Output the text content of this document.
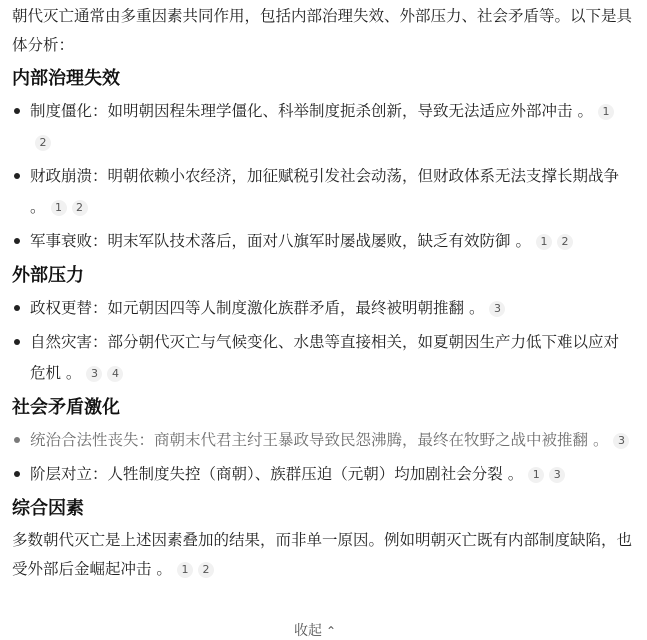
朝代灭亡通常由多重因素共同作用，包括内部治理失效、外部压力、社会矛盾等。以下是具体分析：

内部治理失效
制度僵化：如明朝因程朱理学僵化、科举制度扼杀创新，导致无法适应外部冲击 。 12
财政崩溃：明朝依赖小农经济，加征赋税引发社会动荡，但财政体系无法支撑长期战争 。 1 2
军事衰败：明末军队技术落后，面对八旗军时屡战屡败，缺乏有效防御 。 1 2
外部压力
政权更替：如元朝因四等人制度激化族群矛盾，最终被明朝推翻 。 3
自然灾害：部分朝代灭亡与气候变化、水患等直接相关，如夏朝因生产力低下难以应对危机 。 3 4
社会矛盾激化
统治合法性丧失：商朝末代君主纣王暴政导致民怨沸腾，最终在牧野之战中被推翻 。 3
阶层对立：人牲制度失控（商朝）、族群压迫（元朝）均加剧社会分裂 。 1 3
综合因素

多数朝代灭亡是上述因素叠加的结果，而非单一原因。例如明朝灭亡既有内部制度缺陷，也受外部后金崛起冲击 。 1 2

收起 ⌃
